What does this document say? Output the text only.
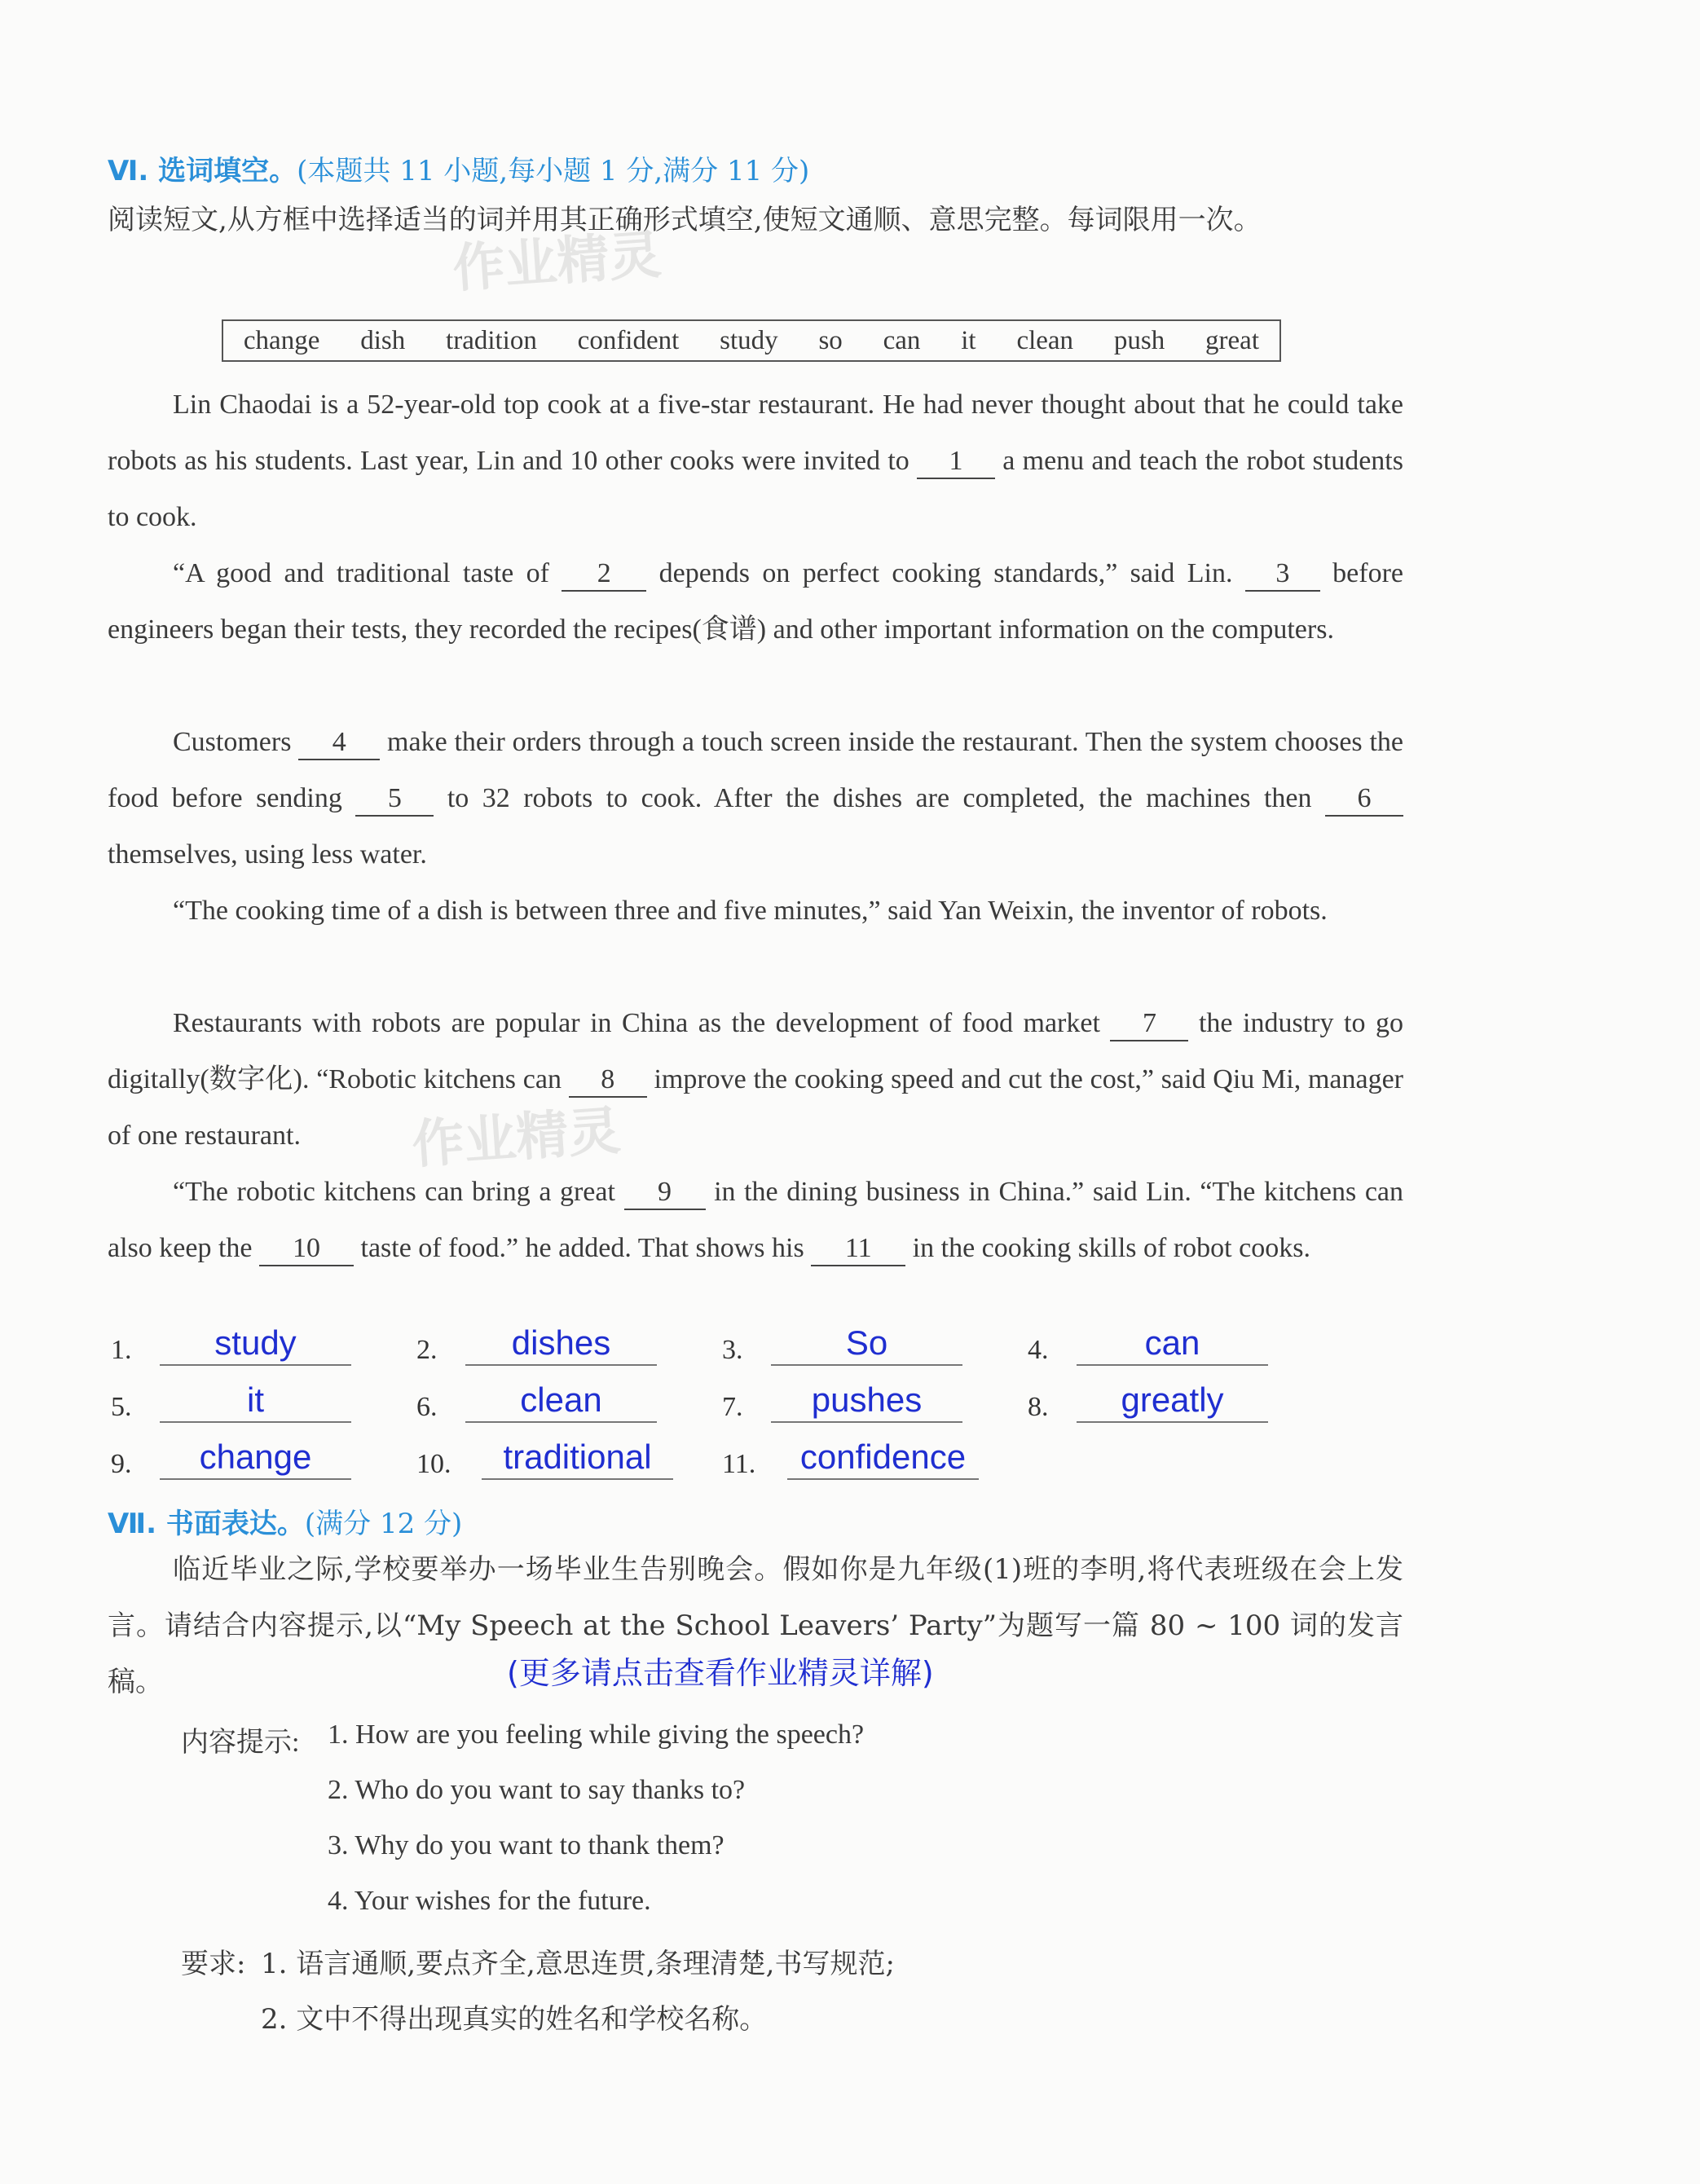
作业精灵
作业精灵
Ⅵ. 选词填空。(本题共 11 小题,每小题 1 分,满分 11 分)
阅读短文,从方框中选择适当的词并用其正确形式填空,使短文通顺、意思完整。每词限用一次。
change dish tradition confident study so can it clean push great
Lin Chaodai is a 52-year-old top cook at a five-star restaurant. He had never thought about that he could take robots as his students. Last year, Lin and 10 other cooks were invited to 1 a menu and teach the robot students to cook.
“A good and traditional taste of 2 depends on perfect cooking standards,” said Lin. 3 before engineers began their tests, they recorded the recipes(食谱) and other important information on the computers.
Customers 4 make their orders through a touch screen inside the restaurant. Then the system chooses the food before sending 5 to 32 robots to cook. After the dishes are completed, the machines then 6 themselves, using less water.
“The cooking time of a dish is between three and five minutes,” said Yan Weixin, the inventor of robots.
Restaurants with robots are popular in China as the development of food market 7 the industry to go digitally(数字化). “Robotic kitchens can 8 improve the cooking speed and cut the cost,” said Qiu Mi, manager of one restaurant.
“The robotic kitchens can bring a great 9 in the dining business in China.” said Lin. “The kitchens can also keep the 10 taste of food.” he added. That shows his 11 in the cooking skills of robot cooks.
1.	study	2.	dishes	3.	So	4.	can
5.	it	6.	clean	7.	pushes	8.	greatly
9.	change	10.	traditional	11.	confidence
Ⅶ. 书面表达。(满分 12 分)
临近毕业之际,学校要举办一场毕业生告别晚会。假如你是九年级(1)班的李明,将代表班级在会上发言。请结合内容提示,以“My Speech at the School Leavers’ Party”为题写一篇 80 ~ 100 词的发言稿。	(更多请点击查看作业精灵详解)
内容提示: 1. How are you feeling while giving the speech?
2. Who do you want to say thanks to?
3. Why do you want to thank them?
4. Your wishes for the future.
要求: 1. 语言通顺,要点齐全,意思连贯,条理清楚,书写规范;
2. 文中不得出现真实的姓名和学校名称。
